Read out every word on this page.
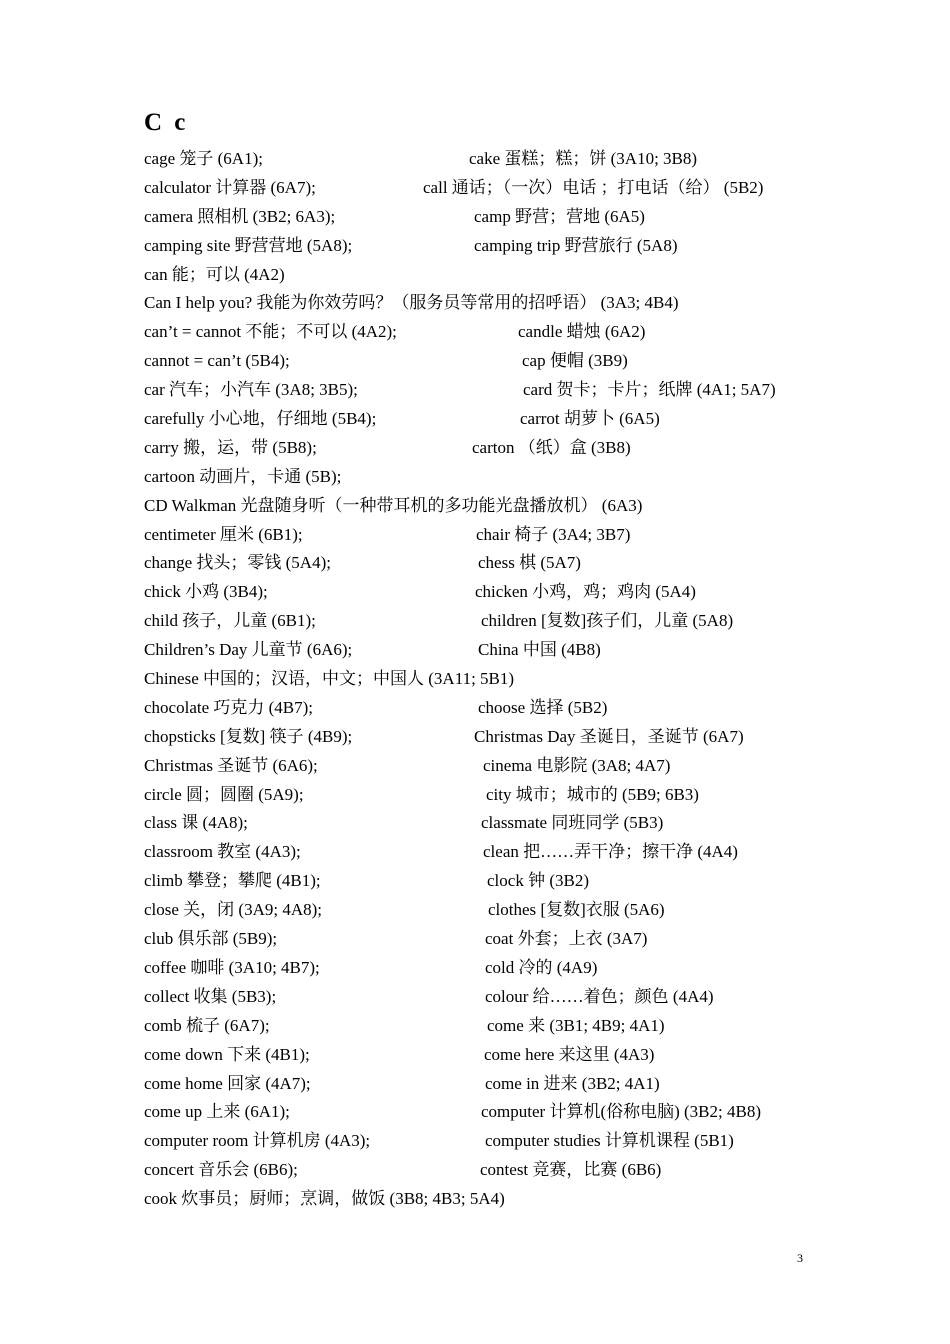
C c
cage 笼子 (6A1);	cake 蛋糕；糕；饼 (3A10; 3B8)
calculator 计算器 (6A7);	call 通话；（一次）电话 ；打电话（给） (5B2)
camera 照相机 (3B2; 6A3);	camp 野营；营地 (6A5)
camping site 野营营地 (5A8);	camping trip 野营旅行 (5A8)
can 能；可以 (4A2)
Can I help you? 我能为你效劳吗？（服务员等常用的招呼语） (3A3; 4B4)
can’t = cannot 不能；不可以 (4A2);	candle 蜡烛 (6A2)
cannot = can’t (5B4);	cap 便帽 (3B9)
car 汽车；小汽车 (3A8; 3B5);	card 贺卡；卡片；纸牌 (4A1; 5A7)
carefully 小心地，仔细地 (5B4);	carrot 胡萝卜 (6A5)
carry 搬，运，带 (5B8);	carton （纸）盒 (3B8)
cartoon 动画片，卡通 (5B);
CD Walkman 光盘随身听（一种带耳机的多功能光盘播放机） (6A3)
centimeter 厘米 (6B1);	chair 椅子 (3A4; 3B7)
change 找头；零钱 (5A4);	chess 棋 (5A7)
chick 小鸡 (3B4);	chicken 小鸡，鸡；鸡肉 (5A4)
child 孩子，儿童 (6B1);	children [复数]孩子们，儿童 (5A8)
Children’s Day 儿童节 (6A6);	China 中国 (4B8)
Chinese 中国的；汉语，中文；中国人 (3A11; 5B1)
chocolate 巧克力 (4B7);	choose 选择 (5B2)
chopsticks [复数] 筷子 (4B9);	Christmas Day 圣诞日，圣诞节 (6A7)
Christmas 圣诞节 (6A6);	cinema 电影院 (3A8; 4A7)
circle 圆；圆圈 (5A9);	city 城市；城市的 (5B9; 6B3)
class 课 (4A8);	classmate 同班同学 (5B3)
classroom 教室 (4A3);	clean 把……弄干净；擦干净 (4A4)
climb 攀登；攀爬 (4B1);	clock 钟 (3B2)
close 关，闭 (3A9; 4A8);	clothes [复数]衣服 (5A6)
club 俱乐部 (5B9);	coat 外套；上衣 (3A7)
coffee 咖啡 (3A10; 4B7);	cold 冷的 (4A9)
collect 收集 (5B3);	colour 给……着色；颜色 (4A4)
comb 梳子 (6A7);	come 来 (3B1; 4B9; 4A1)
come down 下来 (4B1);	come here 来这里 (4A3)
come home 回家 (4A7);	come in 进来 (3B2; 4A1)
come up 上来 (6A1);	computer 计算机(俗称电脑) (3B2; 4B8)
computer room 计算机房 (4A3);	computer studies 计算机课程 (5B1)
concert 音乐会 (6B6);	contest 竞赛，比赛 (6B6)
cook 炊事员；厨师；烹调，做饭 (3B8; 4B3; 5A4)
3
